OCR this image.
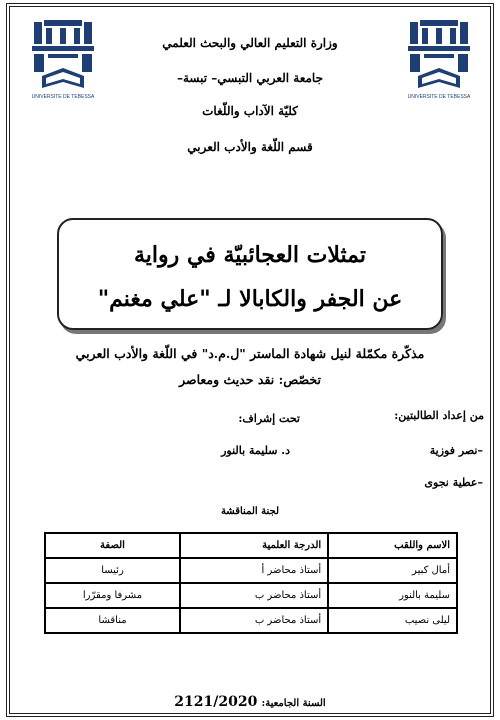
UNIVERSITE DE TEBESSA	UNIVERSITE DE TEBESSA
وزارة التعليم العالي والبحث العلمي
جامعة العربي التبسي– تبسة–
كليّة الآداب واللّغات
قسم اللّغة والأدب العربي
تمثلات العجائبيّة في رواية
عن الجفر والكابالا لـ "علي مغنم"
مذكّرة مكمّلة لنيل شهادة الماستر "ل.م.د" في اللّغة والأدب العربي
تخصّص: نقد حديث ومعاصر
من إعداد الطالبتين:
تحت إشراف:
–نصر فوزية
د. سليمة بالنور
–عطية نجوى
لجنة المناقشة
الاسم واللقب	الدرجة العلمية	الصفة
أمال كبير	أستاذ محاضر أ	رئيسا
سليمة بالنور	أستاذ محاضر ب	مشرفا ومقرّرا
ليلى نصيب	أستاذ محاضر ب	مناقشا
السنة الجامعية: 2121/2020
